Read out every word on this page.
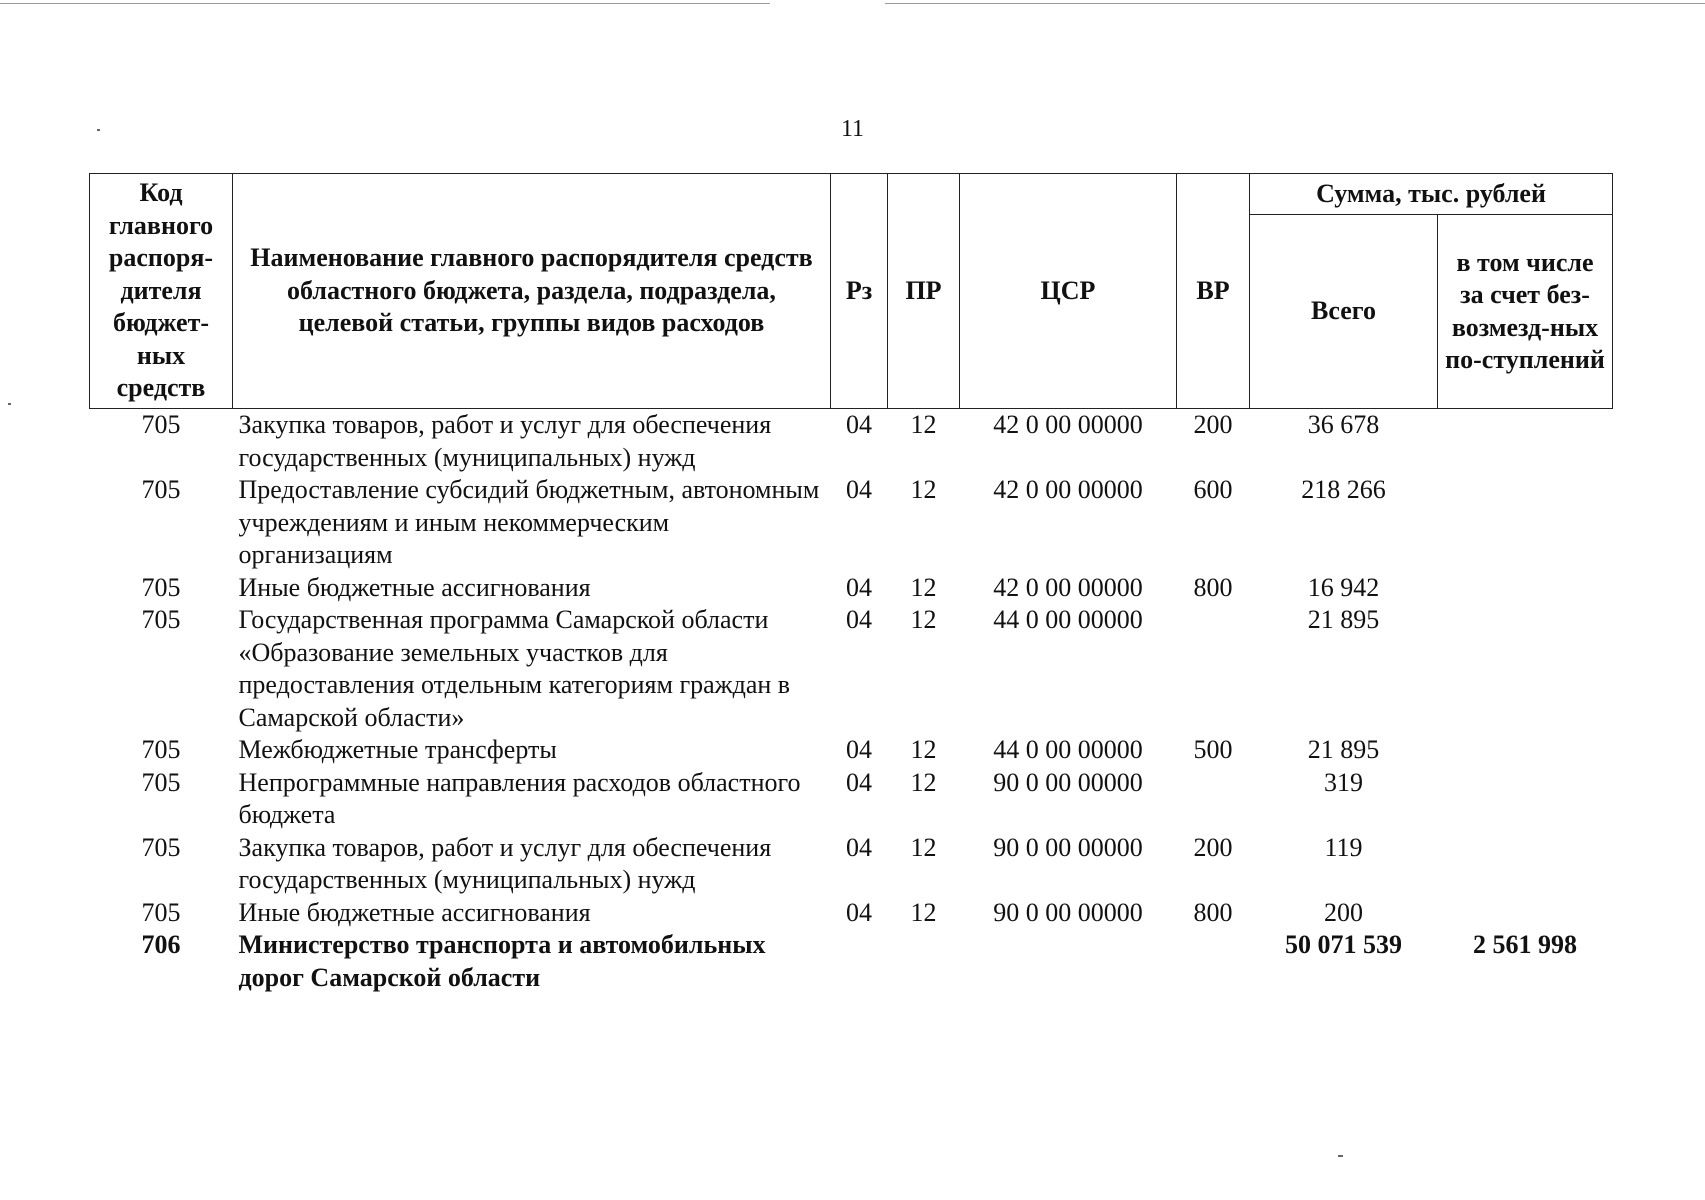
11
Код главного распоря-дителя бюджет-ных средств	Наименование главного распорядителя средств областного бюджета, раздела, подраздела, целевой статьи, группы видов расходов	Рз	ПР	ЦСР	ВР	Сумма, тыс. рублей	
						Всего	в том числе за счет без-возмезд-ных по-ступлений
705	Закупка товаров, работ и услуг для обеспечения государственных (муниципальных) нужд	04	12	42 0 00 00000	200	36 678	
705	Предоставление субсидий бюджетным, автономным учреждениям и иным некоммерческим организациям	04	12	42 0 00 00000	600	218 266	
705	Иные бюджетные ассигнования	04	12	42 0 00 00000	800	16 942	
705	Государственная программа Самарской области «Образование земельных участков для предоставления отдельным категориям граждан в Самарской области»	04	12	44 0 00 00000		21 895	
705	Межбюджетные трансферты	04	12	44 0 00 00000	500	21 895	
705	Непрограммные направления расходов областного бюджета	04	12	90 0 00 00000		319	
705	Закупка товаров, работ и услуг для обеспечения государственных (муниципальных) нужд	04	12	90 0 00 00000	200	119	
705	Иные бюджетные ассигнования	04	12	90 0 00 00000	800	200	
706	Министерство транспорта и автомобильных дорог Самарской области					50 071 539	2 561 998
